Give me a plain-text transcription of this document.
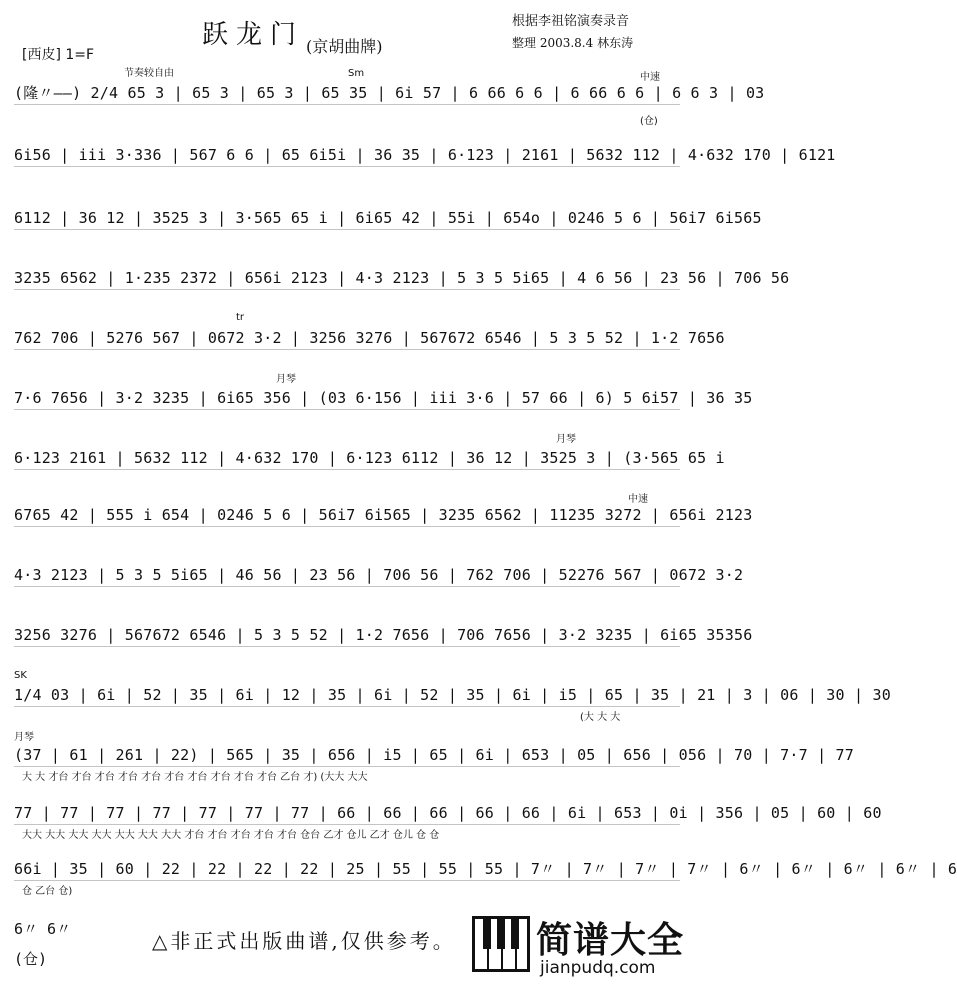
跃龙门 (京胡曲牌)
根据李祖铭演奏录音
整理 2003.8.4 林东涛
[西皮] 1=F
节奏较自由	Sm	中速
(仓)
tr
月琴
月琴
中速
SK
月琴
(隆〃——) 2/4 65 3 | 65 3 | 65 3 | 65 35 | 6i 57 | 6 66 6 6 | 6 66 6 6 | 6 6 3 | 03
6i56 | iii 3·336 | 567 6 6 | 65 6i5i | 36 35 | 6·123 | 2161 | 5632 112 | 4·632 170 | 6121
6112 | 36 12 | 3525 3 | 3·565 65 i | 6i65 42 | 55i | 654o | 0246 5 6 | 56i7 6i565
3235 6562 | 1·235 2372 | 656i 2123 | 4·3 2123 | 5 3 5 5i65 | 4 6 56 | 23 56 | 706 56
762 706 | 5276 567 | 0672 3·2 | 3256 3276 | 567672 6546 | 5 3 5 52 | 1·2 7656
7·6 7656 | 3·2 3235 | 6i65 356 | (03 6·156 | iii 3·6 | 57 66 | 6) 5 6i57 | 36 35
6·123 2161 | 5632 112 | 4·632 170 | 6·123 6112 | 36 12 | 3525 3 | (3·565 65 i
6765 42 | 555 i 654 | 0246 5 6 | 56i7 6i565 | 3235 6562 | 11235 3272 | 656i 2123
4·3 2123 | 5 3 5 5i65 | 46 56 | 23 56 | 706 56 | 762 706 | 52276 567 | 0672 3·2
3256 3276 | 567672 6546 | 5 3 5 52 | 1·2 7656 | 706 7656 | 3·2 3235 | 6i65 35356
1/4 03 | 6i | 52 | 35 | 6i | 12 | 35 | 6i | 52 | 35 | 6i | i5 | 65 | 35 | 21 | 3 | 06 | 30 | 30
(大 大 大
(37 | 61 | 261 | 22) | 565 | 35 | 656 | i5 | 65 | 6i | 653 | 05 | 656 | 056 | 70 | 7·7 | 77
大 大 才台 才台 才台 才台 才台 才台 才台 才台 才台 才台 乙台 才) (大大 大大
77 | 77 | 77 | 77 | 77 | 77 | 77 | 66 | 66 | 66 | 66 | 66 | 6i | 653 | 0i | 356 | 05 | 60 | 60
大大 大大 大大 大大 大大 大大 大大 才台 才台 才台 才台 才台 仓台 乙才 仓儿 乙才 仓儿 仓 仓
66i | 35 | 60 | 22 | 22 | 22 | 22 | 25 | 55 | 55 | 55 | 7〃 | 7〃 | 7〃 | 7〃 | 6〃 | 6〃 | 6〃 | 6〃 | 6
仓 乙台 仓)
6〃 6〃 (仓)
△非正式出版曲谱,仅供参考。 简谱大全
jianpudq.com
